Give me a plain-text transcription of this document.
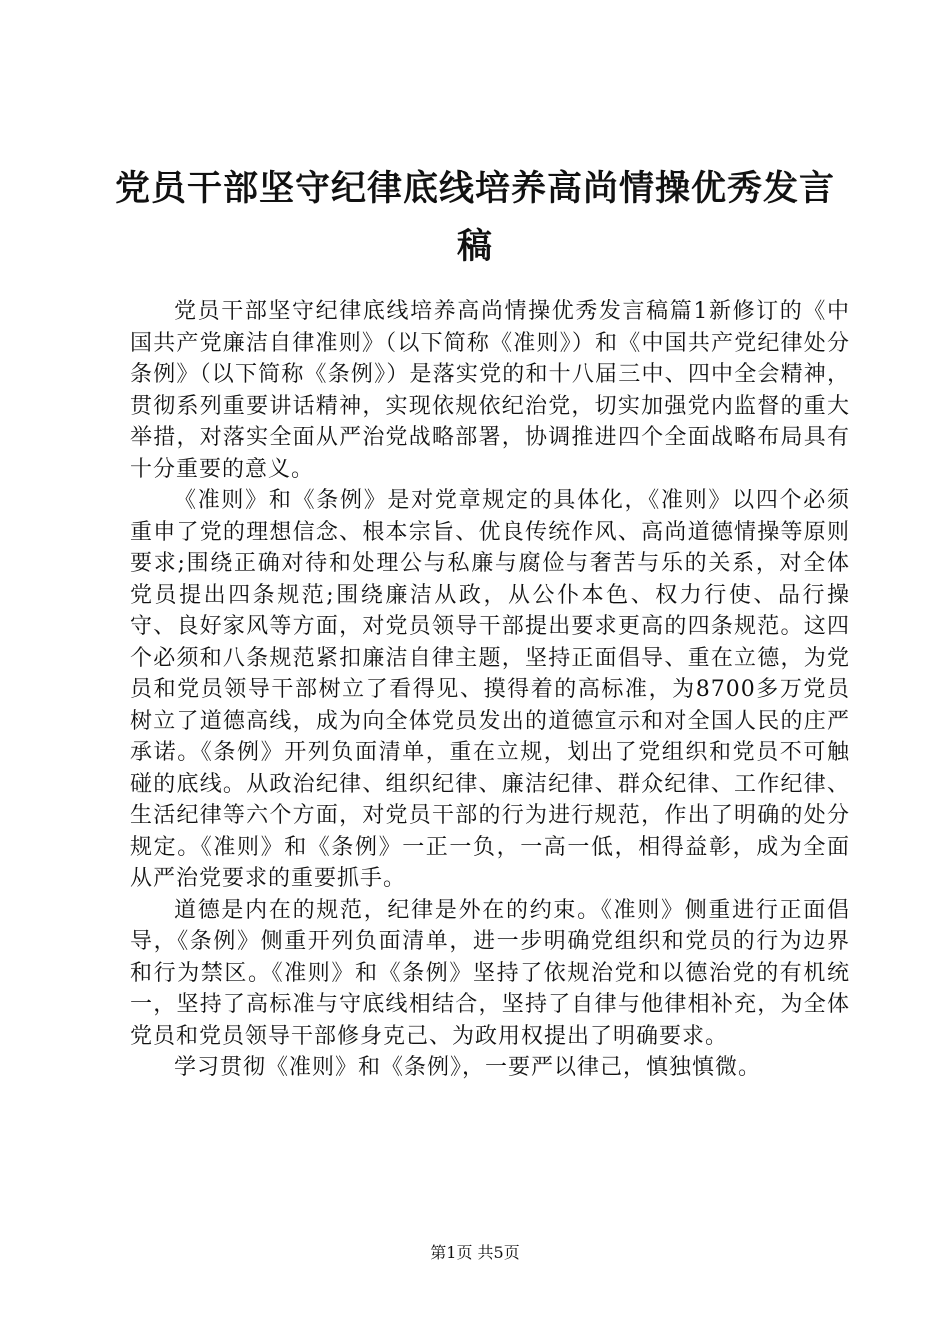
党员干部坚守纪律底线培养高尚情操优秀发言稿

党员干部坚守纪律底线培养高尚情操优秀发言稿篇1新修订的《中国共产党廉洁自律准则》（以下简称《准则》）和《中国共产党纪律处分条例》（以下简称《条例》）是落实党的和十八届三中、四中全会精神，贯彻系列重要讲话精神，实现依规依纪治党，切实加强党内监督的重大举措，对落实全面从严治党战略部署，协调推进四个全面战略布局具有十分重要的意义。

《准则》和《条例》是对党章规定的具体化，《准则》以四个必须重申了党的理想信念、根本宗旨、优良传统作风、高尚道德情操等原则要求;围绕正确对待和处理公与私廉与腐俭与奢苦与乐的关系，对全体党员提出四条规范;围绕廉洁从政，从公仆本色、权力行使、品行操守、良好家风等方面，对党员领导干部提出要求更高的四条规范。这四个必须和八条规范紧扣廉洁自律主题，坚持正面倡导、重在立德，为党员和党员领导干部树立了看得见、摸得着的高标准，为8700多万党员树立了道德高线，成为向全体党员发出的道德宣示和对全国人民的庄严承诺。《条例》开列负面清单，重在立规，划出了党组织和党员不可触碰的底线。从政治纪律、组织纪律、廉洁纪律、群众纪律、工作纪律、生活纪律等六个方面，对党员干部的行为进行规范，作出了明确的处分规定。《准则》和《条例》一正一负，一高一低，相得益彰，成为全面从严治党要求的重要抓手。

道德是内在的规范，纪律是外在的约束。《准则》侧重进行正面倡导，《条例》侧重开列负面清单，进一步明确党组织和党员的行为边界和行为禁区。《准则》和《条例》坚持了依规治党和以德治党的有机统一，坚持了高标准与守底线相结合，坚持了自律与他律相补充，为全体党员和党员领导干部修身克己、为政用权提出了明确要求。

学习贯彻《准则》和《条例》，一要严以律己，慎独慎微。

第1页 共5页
